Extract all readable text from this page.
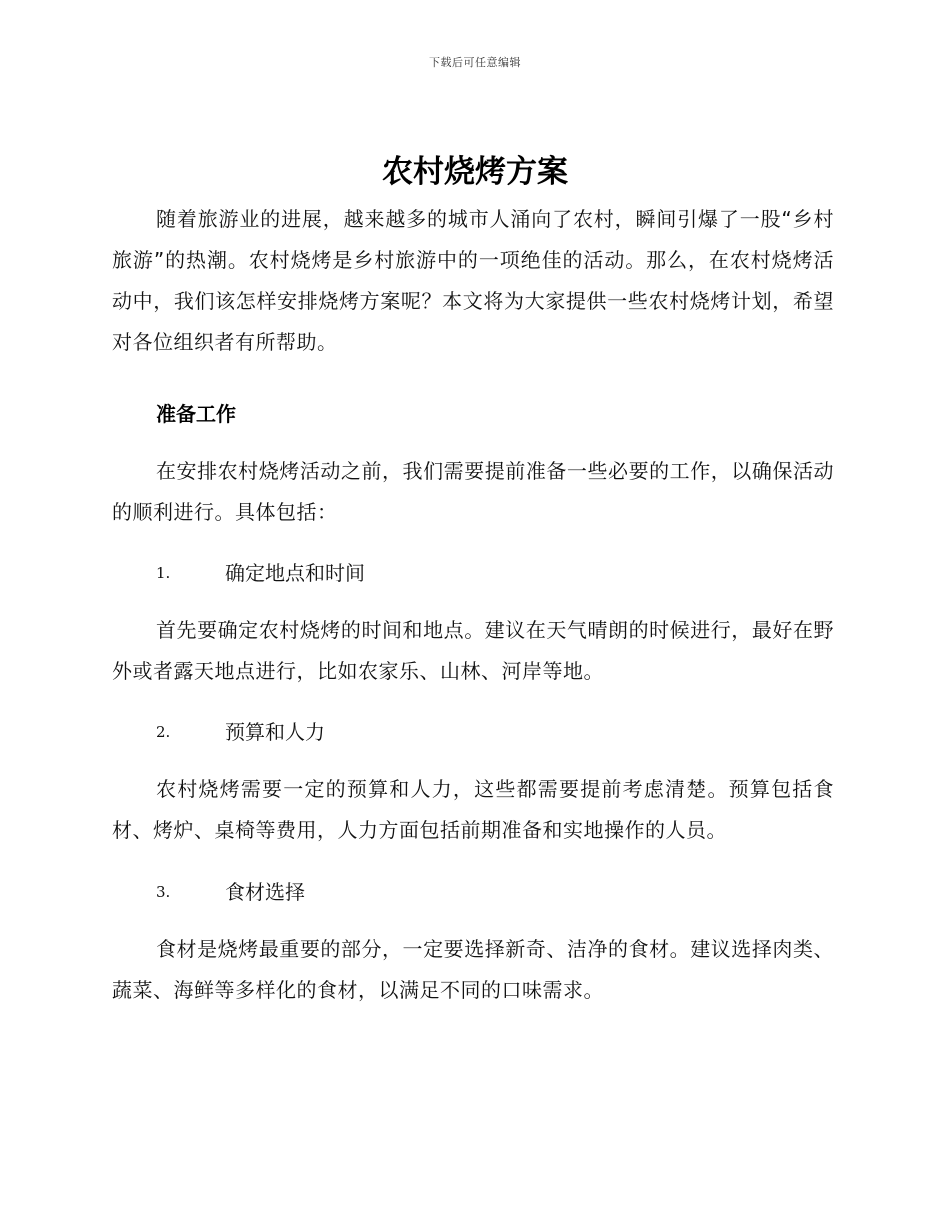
下载后可任意编辑
农村烧烤方案

随着旅游业的进展，越来越多的城市人涌向了农村，瞬间引爆了一股“乡村旅游”的热潮。农村烧烤是乡村旅游中的一项绝佳的活动。那么，在农村烧烤活动中，我们该怎样安排烧烤方案呢？本文将为大家提供一些农村烧烤计划，希望对各位组织者有所帮助。

准备工作

在安排农村烧烤活动之前，我们需要提前准备一些必要的工作，以确保活动的顺利进行。具体包括：

1.	确定地点和时间

首先要确定农村烧烤的时间和地点。建议在天气晴朗的时候进行，最好在野外或者露天地点进行，比如农家乐、山林、河岸等地。

2.	预算和人力

农村烧烤需要一定的预算和人力，这些都需要提前考虑清楚。预算包括食材、烤炉、桌椅等费用，人力方面包括前期准备和实地操作的人员。

3.	食材选择

食材是烧烤最重要的部分，一定要选择新奇、洁净的食材。建议选择肉类、蔬菜、海鲜等多样化的食材，以满足不同的口味需求。
